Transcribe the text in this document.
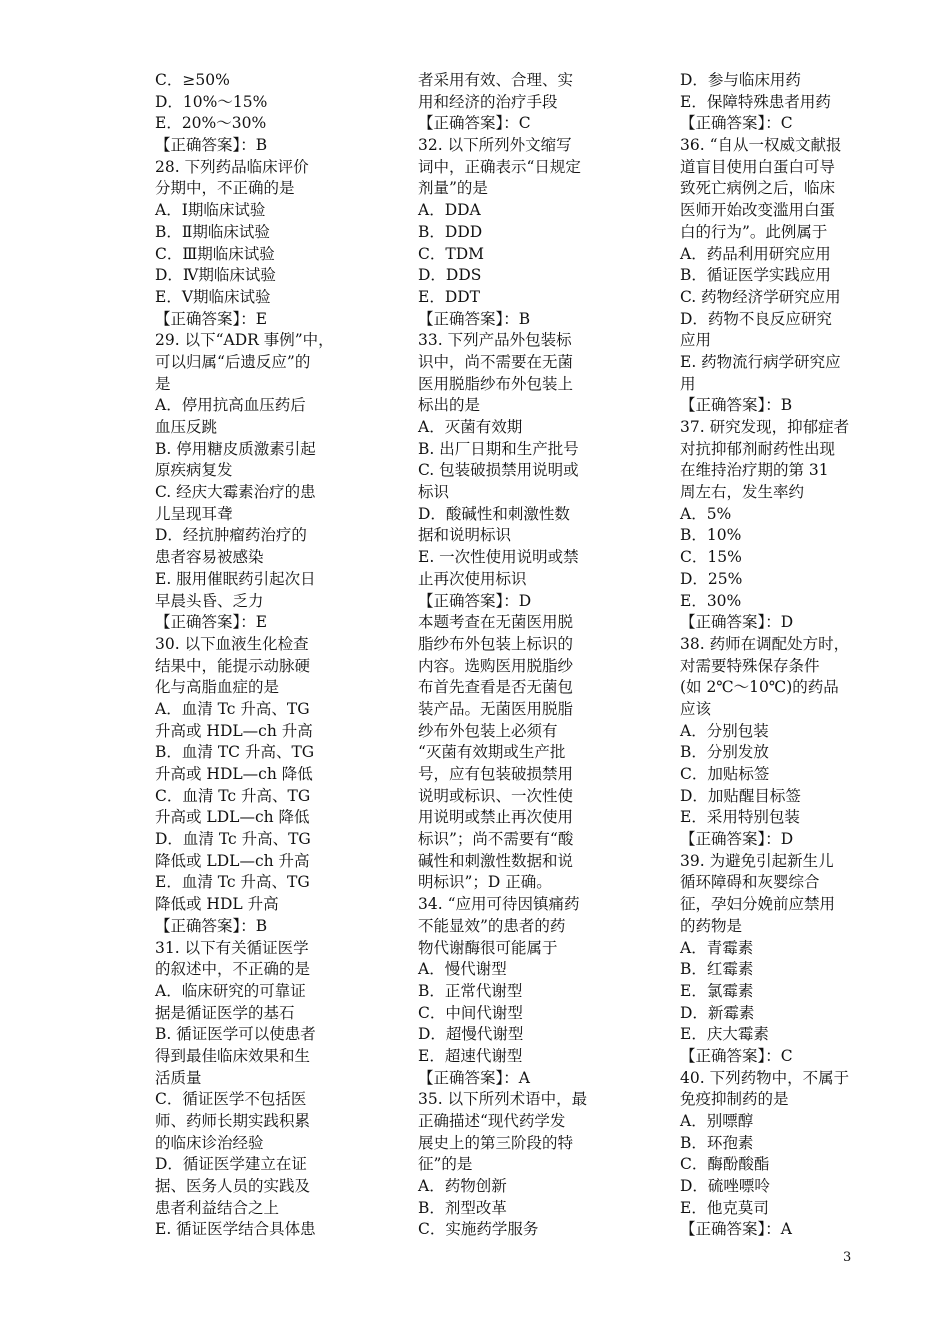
C．≥50%
D．10%～15%
E．20%～30%
【正确答案】：B
28. 下列药品临床评价
分期中，不正确的是
A．Ⅰ期临床试验
B．Ⅱ期临床试验
C．Ⅲ期临床试验
D．Ⅳ期临床试验
E．Ⅴ期临床试验
【正确答案】：E
29. 以下“ADR 事例”中，
可以归属“后遗反应”的
是
A．停用抗高血压药后
血压反跳
B. 停用糖皮质激素引起
原疾病复发
C. 经庆大霉素治疗的患
儿呈现耳聋
D．经抗肿瘤药治疗的
患者容易被感染
E. 服用催眠药引起次日
早晨头昏、乏力
【正确答案】：E
30. 以下血液生化检查
结果中，能提示动脉硬
化与高脂血症的是
A．血清 Tc 升高、TG
升高或 HDL—ch 升高
B．血清 TC 升高、TG
升高或 HDL—ch 降低
C．血清 Tc 升高、TG
升高或 LDL—ch 降低
D．血清 Tc 升高、TG
降低或 LDL—ch 升高
E．血清 Tc 升高、TG
降低或 HDL 升高
【正确答案】：B
31. 以下有关循证医学
的叙述中，不正确的是
A．临床研究的可靠证
据是循证医学的基石
B. 循证医学可以使患者
得到最佳临床效果和生
活质量
C．循证医学不包括医
师、药师长期实践积累
的临床诊治经验
D．循证医学建立在证
据、医务人员的实践及
患者利益结合之上
E. 循证医学结合具体患
者采用有效、合理、实
用和经济的治疗手段
【正确答案】：C
32. 以下所列外文缩写
词中，正确表示“日规定
剂量”的是
A．DDA
B．DDD
C．TDM
D．DDS
E．DDT
【正确答案】：B
33. 下列产品外包装标
识中，尚不需要在无菌
医用脱脂纱布外包装上
标出的是
A．灭菌有效期
B. 出厂日期和生产批号
C. 包装破损禁用说明或
标识
D．酸碱性和刺激性数
据和说明标识
E. 一次性使用说明或禁
止再次使用标识
【正确答案】：D
本题考查在无菌医用脱
脂纱布外包装上标识的
内容。选购医用脱脂纱
布首先查看是否无菌包
装产品。无菌医用脱脂
纱布外包装上必须有
“灭菌有效期或生产批
号，应有包装破损禁用
说明或标识、一次性使
用说明或禁止再次使用
标识”；尚不需要有“酸
碱性和刺激性数据和说
明标识”；D 正确。
34. “应用可待因镇痛药
不能显效”的患者的药
物代谢酶很可能属于
A．慢代谢型
B．正常代谢型
C．中间代谢型
D．超慢代谢型
E．超速代谢型
【正确答案】：A
35. 以下所列术语中，最
正确描述“现代药学发
展史上的第三阶段的特
征”的是
A．药物创新
B．剂型改革
C．实施药学服务
D．参与临床用药
E．保障特殊患者用药
【正确答案】：C
36. “自从一权威文献报
道盲目使用白蛋白可导
致死亡病例之后，临床
医师开始改变滥用白蛋
白的行为”。此例属于
A．药品利用研究应用
B．循证医学实践应用
C. 药物经济学研究应用
D．药物不良反应研究
应用
E. 药物流行病学研究应
用
【正确答案】：B
37. 研究发现，抑郁症者
对抗抑郁剂耐药性出现
在维持治疗期的第 31
周左右，发生率约
A．5%
B．10%
C．15%
D．25%
E．30%
【正确答案】：D
38. 药师在调配处方时，
对需要特殊保存条件
(如 2℃～10℃)的药品
应该
A．分别包装
B．分别发放
C．加贴标签
D．加贴醒目标签
E．采用特别包装
【正确答案】：D
39. 为避免引起新生儿
循环障碍和灰婴综合
征，孕妇分娩前应禁用
的药物是
A．青霉素
B．红霉素
E．氯霉素
D．新霉素
E．庆大霉素
【正确答案】：C
40. 下列药物中，不属于
免疫抑制药的是
A．别嘌醇
B．环孢素
C．酶酚酸酯
D．硫唑嘌呤
E．他克莫司
【正确答案】：A
3
